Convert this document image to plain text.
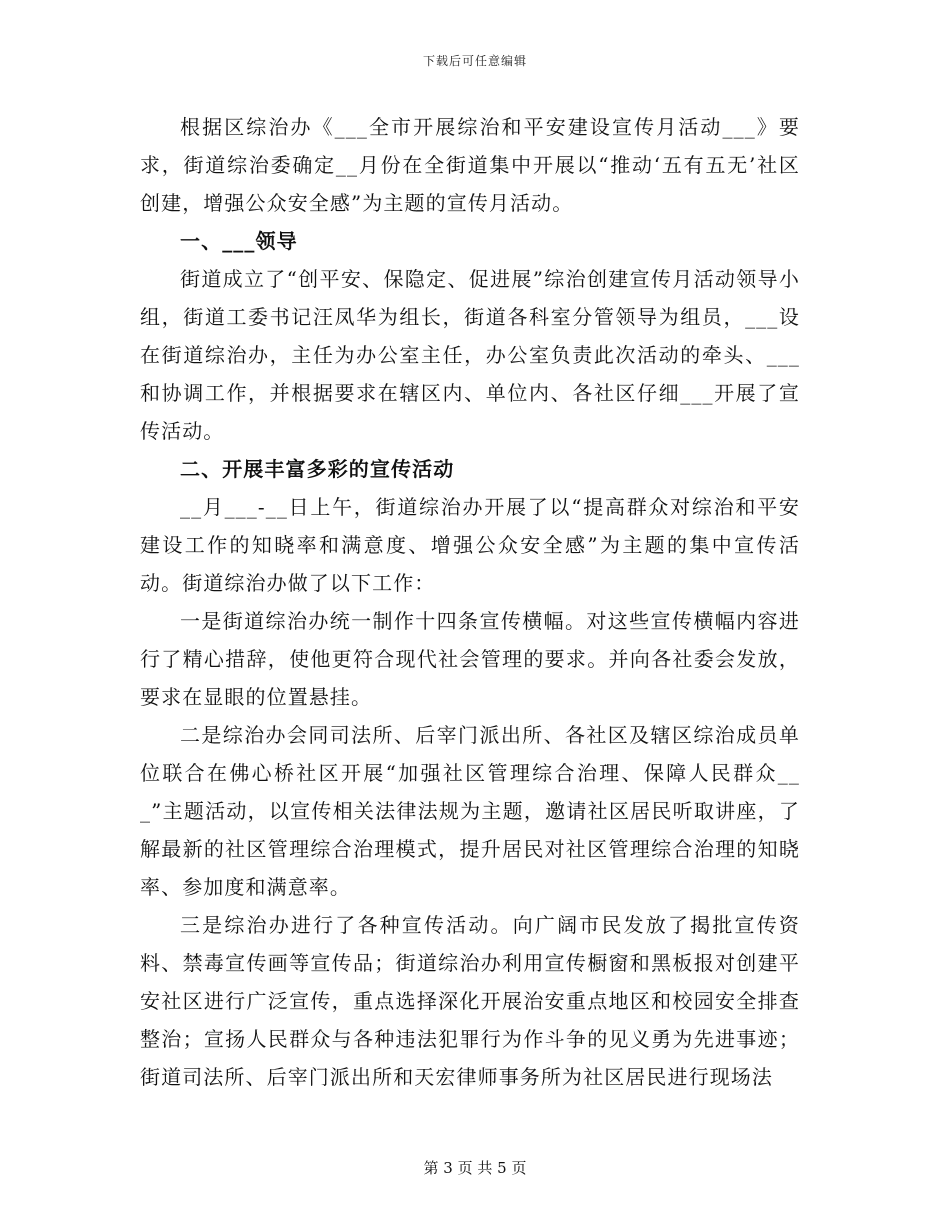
下载后可任意编辑

根据区综治办《___全市开展综治和平安建设宣传月活动___》要求，街道综治委确定__月份在全街道集中开展以“推动‘五有五无’社区创建，增强公众安全感”为主题的宣传月活动。

一、___领导

街道成立了“创平安、保隐定、促进展”综治创建宣传月活动领导小组，街道工委书记汪凤华为组长，街道各科室分管领导为组员，___设在街道综治办，主任为办公室主任，办公室负责此次活动的牵头、___和协调工作，并根据要求在辖区内、单位内、各社区仔细___开展了宣传活动。

二、开展丰富多彩的宣传活动

__月___-__日上午，街道综治办开展了以“提高群众对综治和平安建设工作的知晓率和满意度、增强公众安全感”为主题的集中宣传活动。街道综治办做了以下工作：

一是街道综治办统一制作十四条宣传横幅。对这些宣传横幅内容进行了精心措辞，使他更符合现代社会管理的要求。并向各社委会发放，要求在显眼的位置悬挂。

二是综治办会同司法所、后宰门派出所、各社区及辖区综治成员单位联合在佛心桥社区开展“加强社区管理综合治理、保障人民群众___”主题活动，以宣传相关法律法规为主题，邀请社区居民听取讲座，了解最新的社区管理综合治理模式，提升居民对社区管理综合治理的知晓率、参加度和满意率。

三是综治办进行了各种宣传活动。向广阔市民发放了揭批宣传资料、禁毒宣传画等宣传品；街道综治办利用宣传橱窗和黑板报对创建平安社区进行广泛宣传，重点选择深化开展治安重点地区和校园安全排查整治；宣扬人民群众与各种违法犯罪行为作斗争的见义勇为先进事迹；街道司法所、后宰门派出所和天宏律师事务所为社区居民进行现场法

第 3 页 共 5 页
